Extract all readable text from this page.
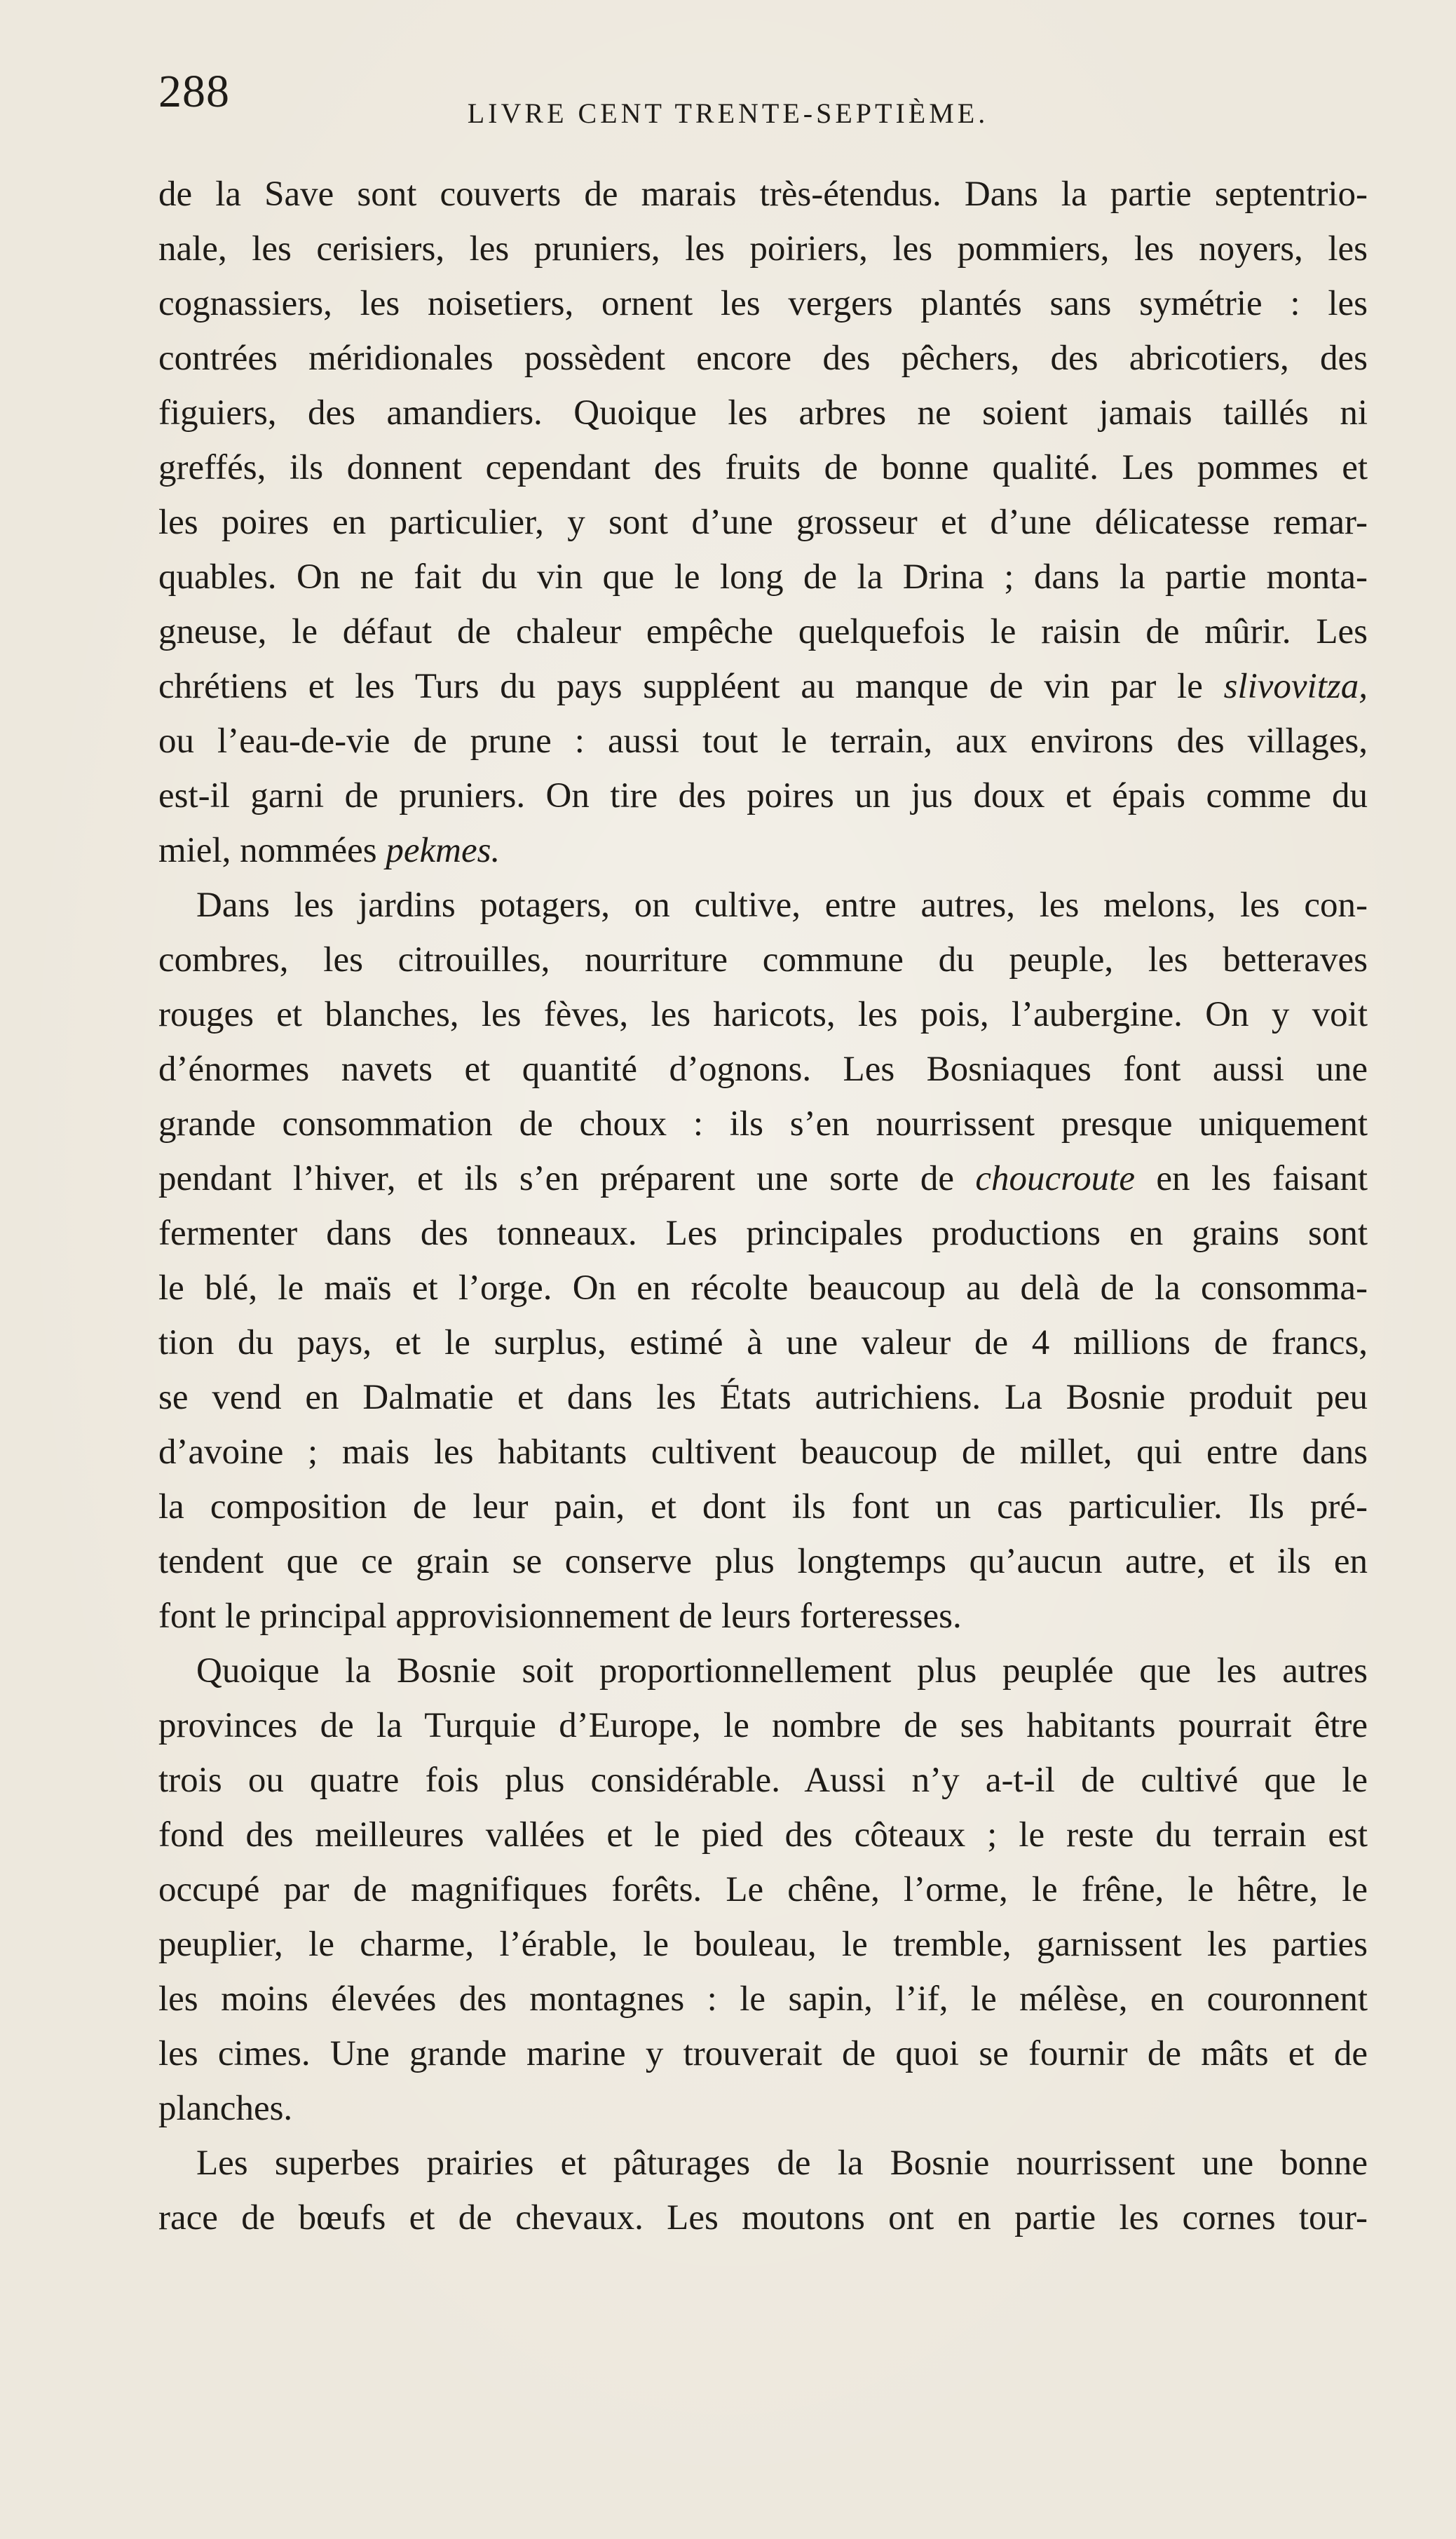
288	LIVRE CENT TRENTE-SEPTIÈME.
de la Save sont couverts de marais très-étendus. Dans la partie septentrio-
nale, les cerisiers, les pruniers, les poiriers, les pommiers, les noyers, les
cognassiers, les noisetiers, ornent les vergers plantés sans symétrie : les
contrées méridionales possèdent encore des pêchers, des abricotiers, des
figuiers, des amandiers. Quoique les arbres ne soient jamais taillés ni
greffés, ils donnent cependant des fruits de bonne qualité. Les pommes et
les poires en particulier, y sont d’une grosseur et d’une délicatesse remar-
quables. On ne fait du vin que le long de la Drina ; dans la partie monta-
gneuse, le défaut de chaleur empêche quelquefois le raisin de mûrir. Les
chrétiens et les Turs du pays suppléent au manque de vin par le slivovitza,
ou l’eau-de-vie de prune : aussi tout le terrain, aux environs des villages,
est-il garni de pruniers. On tire des poires un jus doux et épais comme du
miel, nommées pekmes.
Dans les jardins potagers, on cultive, entre autres, les melons, les con-
combres, les citrouilles, nourriture commune du peuple, les betteraves
rouges et blanches, les fèves, les haricots, les pois, l’aubergine. On y voit
d’énormes navets et quantité d’ognons. Les Bosniaques font aussi une
grande consommation de choux : ils s’en nourrissent presque uniquement
pendant l’hiver, et ils s’en préparent une sorte de choucroute en les faisant
fermenter dans des tonneaux. Les principales productions en grains sont
le blé, le maïs et l’orge. On en récolte beaucoup au delà de la consomma-
tion du pays, et le surplus, estimé à une valeur de 4 millions de francs,
se vend en Dalmatie et dans les États autrichiens. La Bosnie produit peu
d’avoine ; mais les habitants cultivent beaucoup de millet, qui entre dans
la composition de leur pain, et dont ils font un cas particulier. Ils pré-
tendent que ce grain se conserve plus longtemps qu’aucun autre, et ils en
font le principal approvisionnement de leurs forteresses.
Quoique la Bosnie soit proportionnellement plus peuplée que les autres
provinces de la Turquie d’Europe, le nombre de ses habitants pourrait être
trois ou quatre fois plus considérable. Aussi n’y a-t-il de cultivé que le
fond des meilleures vallées et le pied des côteaux ; le reste du terrain est
occupé par de magnifiques forêts. Le chêne, l’orme, le frêne, le hêtre, le
peuplier, le charme, l’érable, le bouleau, le tremble, garnissent les parties
les moins élevées des montagnes : le sapin, l’if, le mélèse, en couronnent
les cimes. Une grande marine y trouverait de quoi se fournir de mâts et de
planches.
Les superbes prairies et pâturages de la Bosnie nourrissent une bonne
race de bœufs et de chevaux. Les moutons ont en partie les cornes tour-
